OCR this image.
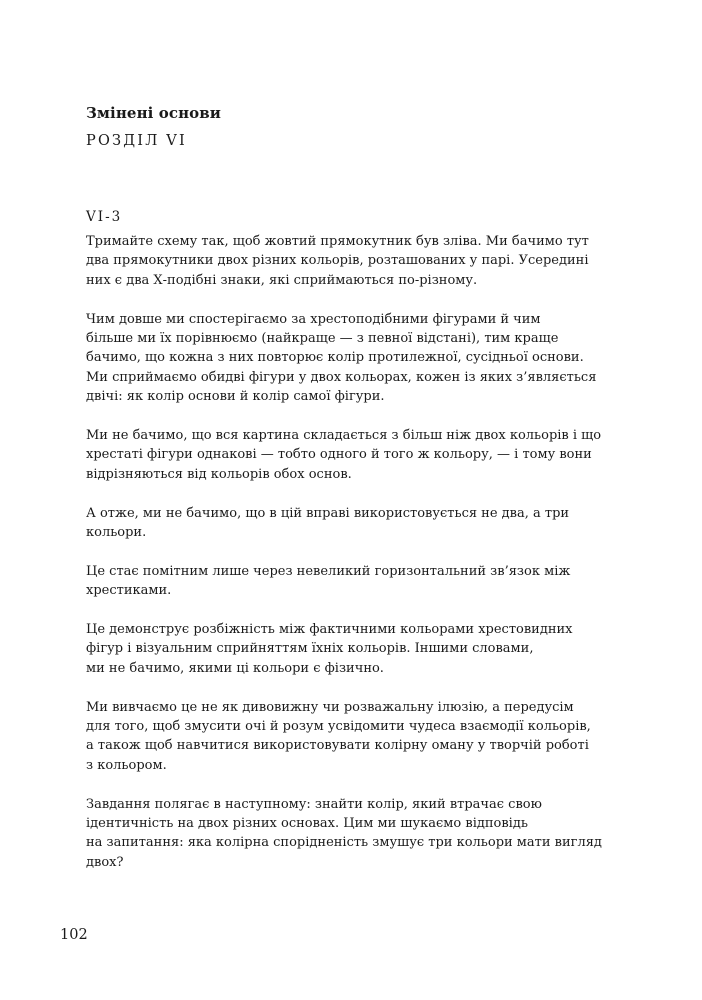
Змінені основи
РОЗДІЛ VI
VI-3

Тримайте схему так, щоб жовтий прямокутник був зліва. Ми бачимо тут
два прямокутники двох різних кольорів, розташованих у парі. Усередині
них є два Х-подібні знаки, які сприймаються по-різному.

Чим довше ми спостерігаємо за хрестоподібними фігурами й чим
більше ми їх порівнюємо (найкраще — з певної відстані), тим краще
бачимо, що кожна з них повторює колір протилежної, сусідньої основи.
Ми сприймаємо обидві фігури у двох кольорах, кожен із яких з’являється
двічі: як колір основи й колір самої фігури.

Ми не бачимо, що вся картина складається з більш ніж двох кольорів і що
хрестаті фігури однакові — тобто одного й того ж кольору, — і тому вони
відрізняються від кольорів обох основ.

А отже, ми не бачимо, що в цій вправі використовується не два, а три
кольори.

Це стає помітним лише через невеликий горизонтальний зв’язок між
хрестиками.

Це демонструє розбіжність між фактичними кольорами хрестовидних
фігур і візуальним сприйняттям їхніх кольорів. Іншими словами,
ми не бачимо, якими ці кольори є фізично.

Ми вивчаємо це не як дивовижну чи розважальну ілюзію, а передусім
для того, щоб змусити очі й розум усвідомити чудеса взаємодії кольорів,
а також щоб навчитися використовувати колірну оману у творчій роботі
з кольором.

Завдання полягає в наступному: знайти колір, який втрачає свою
ідентичність на двох різних основах. Цим ми шукаємо відповідь
на запитання: яка колірна спорідненість змушує три кольори мати вигляд
двох?

102
